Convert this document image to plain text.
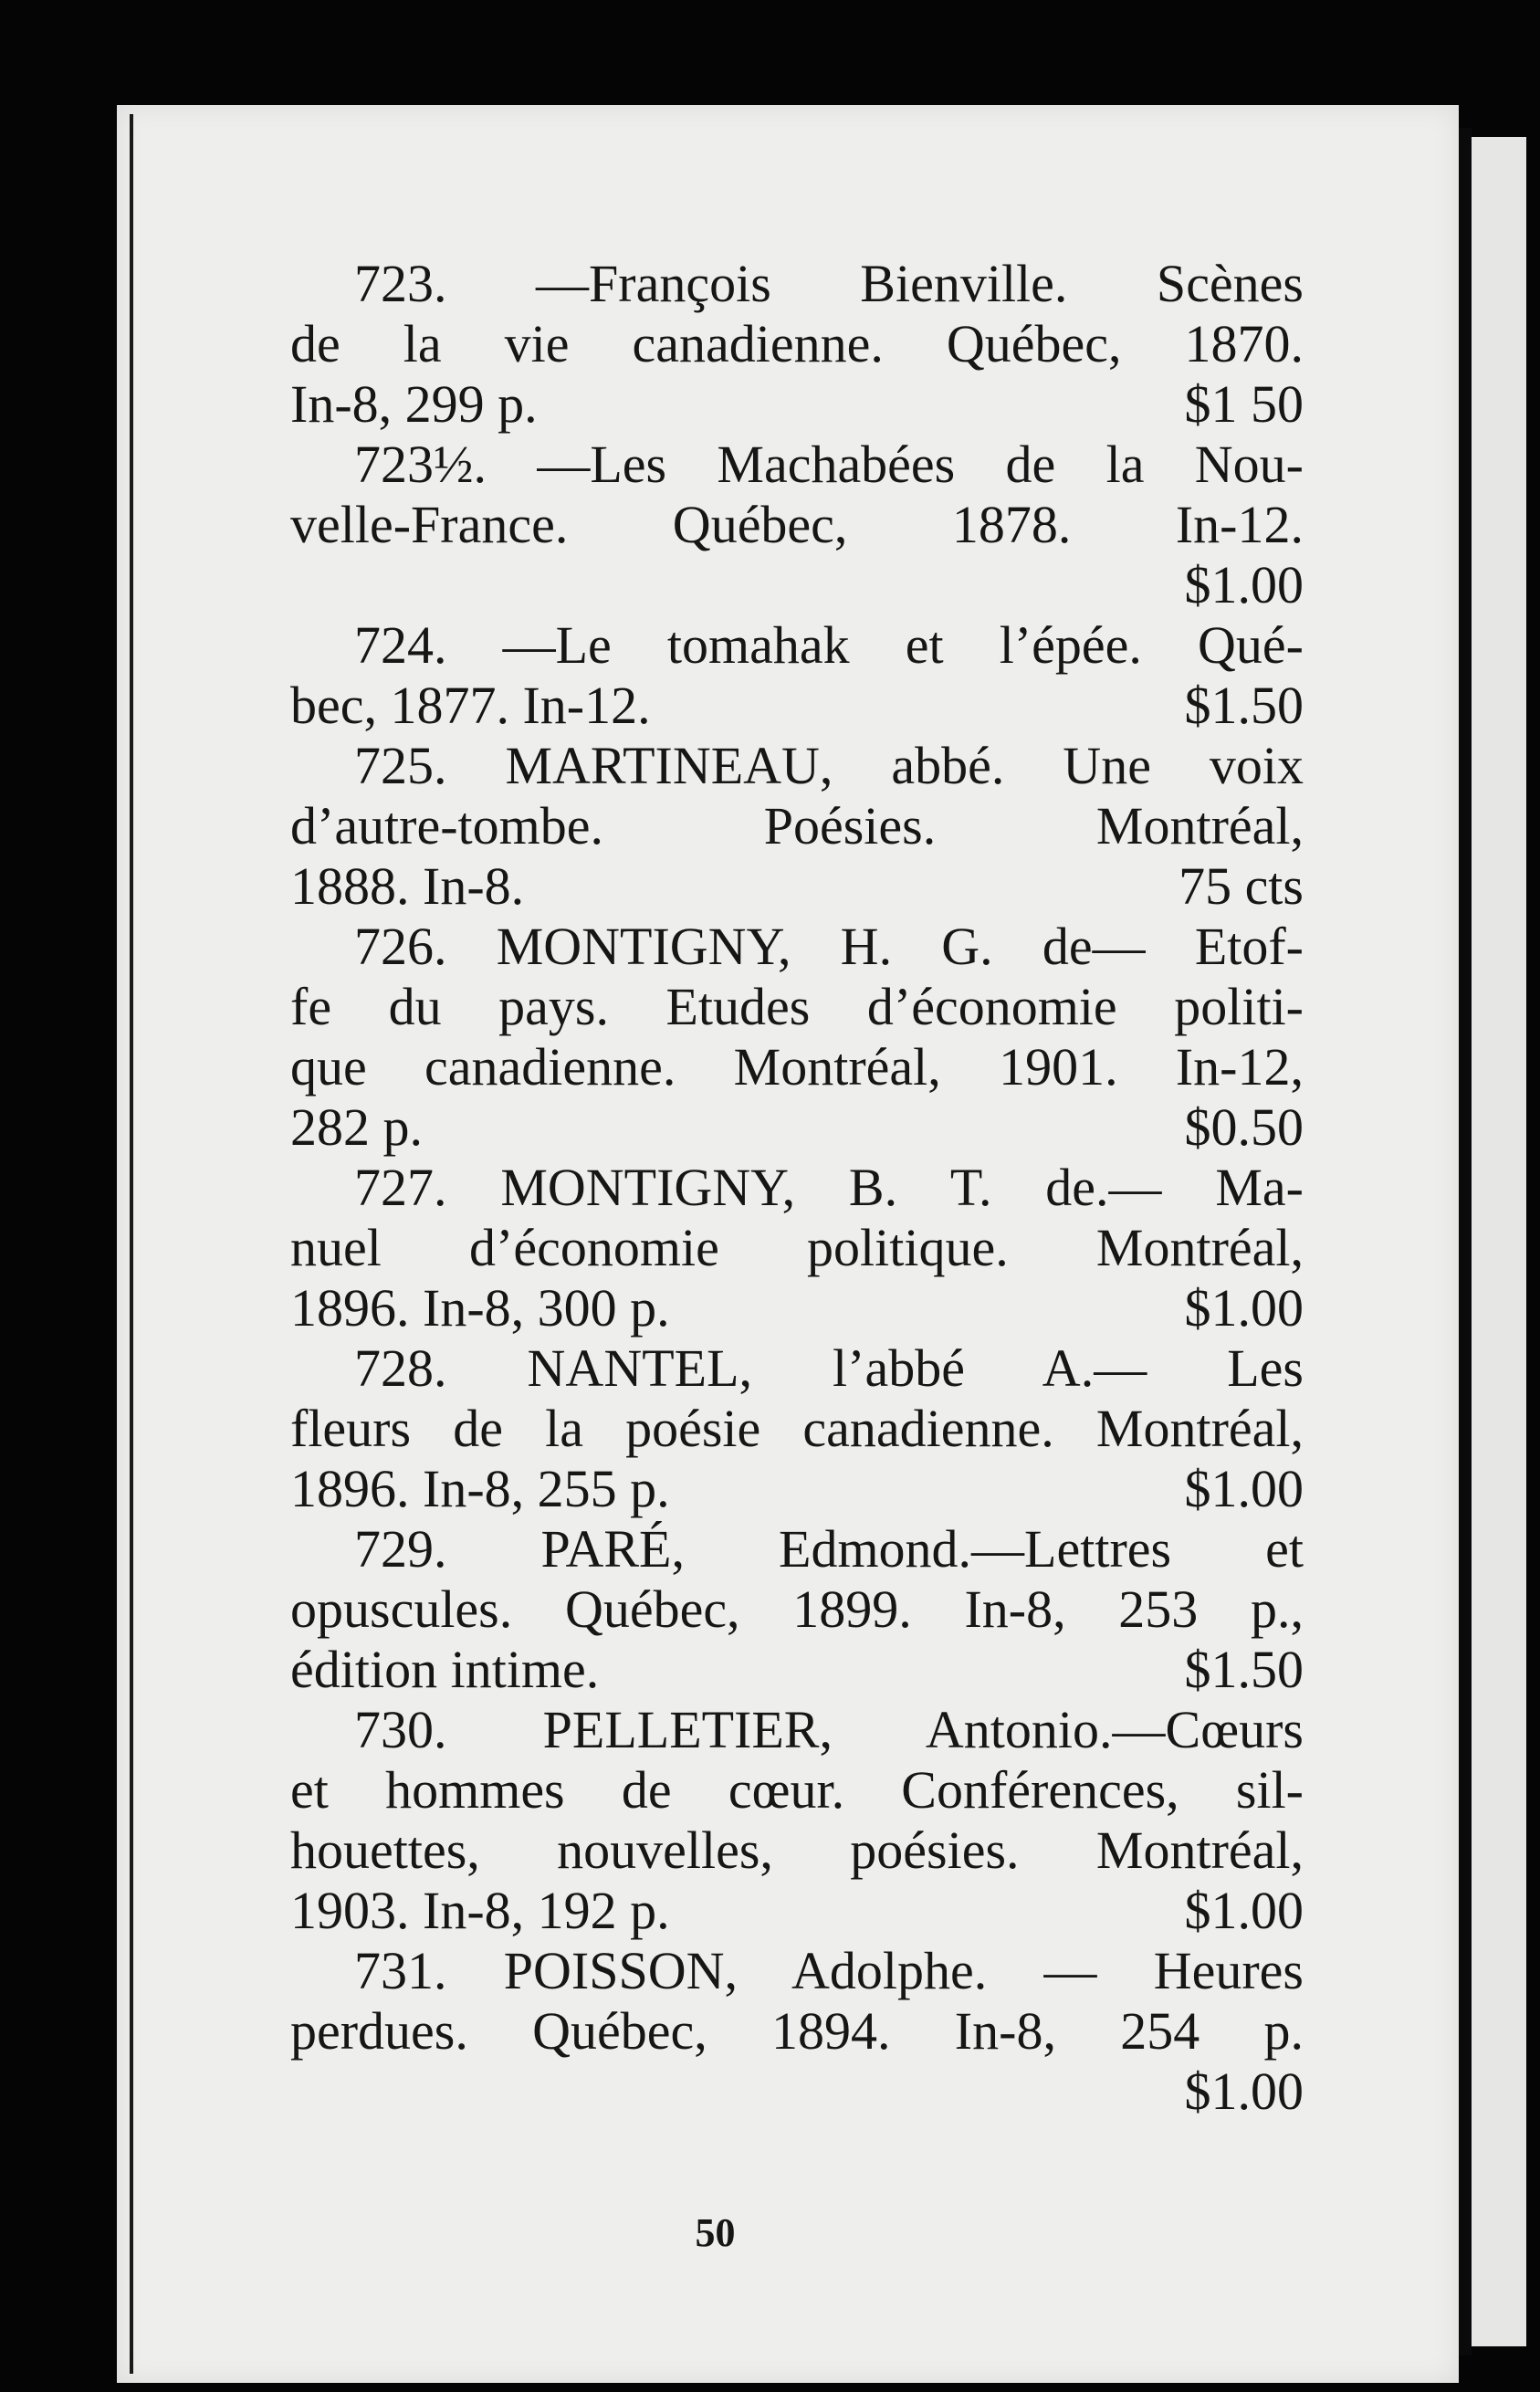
723. —François Bienville. Scènes
de la vie canadienne. Québec, 1870.
In-8, 299 p.	$1 50
723½. —Les Machabées de la Nou-
velle-France. Québec, 1878. In-12.
$1.00
724. —Le tomahak et l’épée. Qué-
bec, 1877. In-12.	$1.50
725. MARTINEAU, abbé. Une voix
d’autre-tombe. Poésies. Montréal,
1888. In-8.	75 cts
726. MONTIGNY, H. G. de— Etof-
fe du pays. Etudes d’économie politi-
que canadienne. Montréal, 1901. In-12,
282 p.	$0.50
727. MONTIGNY, B. T. de.— Ma-
nuel d’économie politique. Montréal,
1896. In-8, 300 p.	$1.00
728. NANTEL, l’abbé A.— Les
fleurs de la poésie canadienne. Montréal,
1896. In-8, 255 p.	$1.00
729. PARÉ, Edmond.—Lettres et
opuscules. Québec, 1899. In-8, 253 p.,
édition intime.	$1.50
730. PELLETIER, Antonio.—Cœurs
et hommes de cœur. Conférences, sil-
houettes, nouvelles, poésies. Montréal,
1903. In-8, 192 p.	$1.00
731. POISSON, Adolphe. — Heures
perdues. Québec, 1894. In-8, 254 p.
$1.00
50
